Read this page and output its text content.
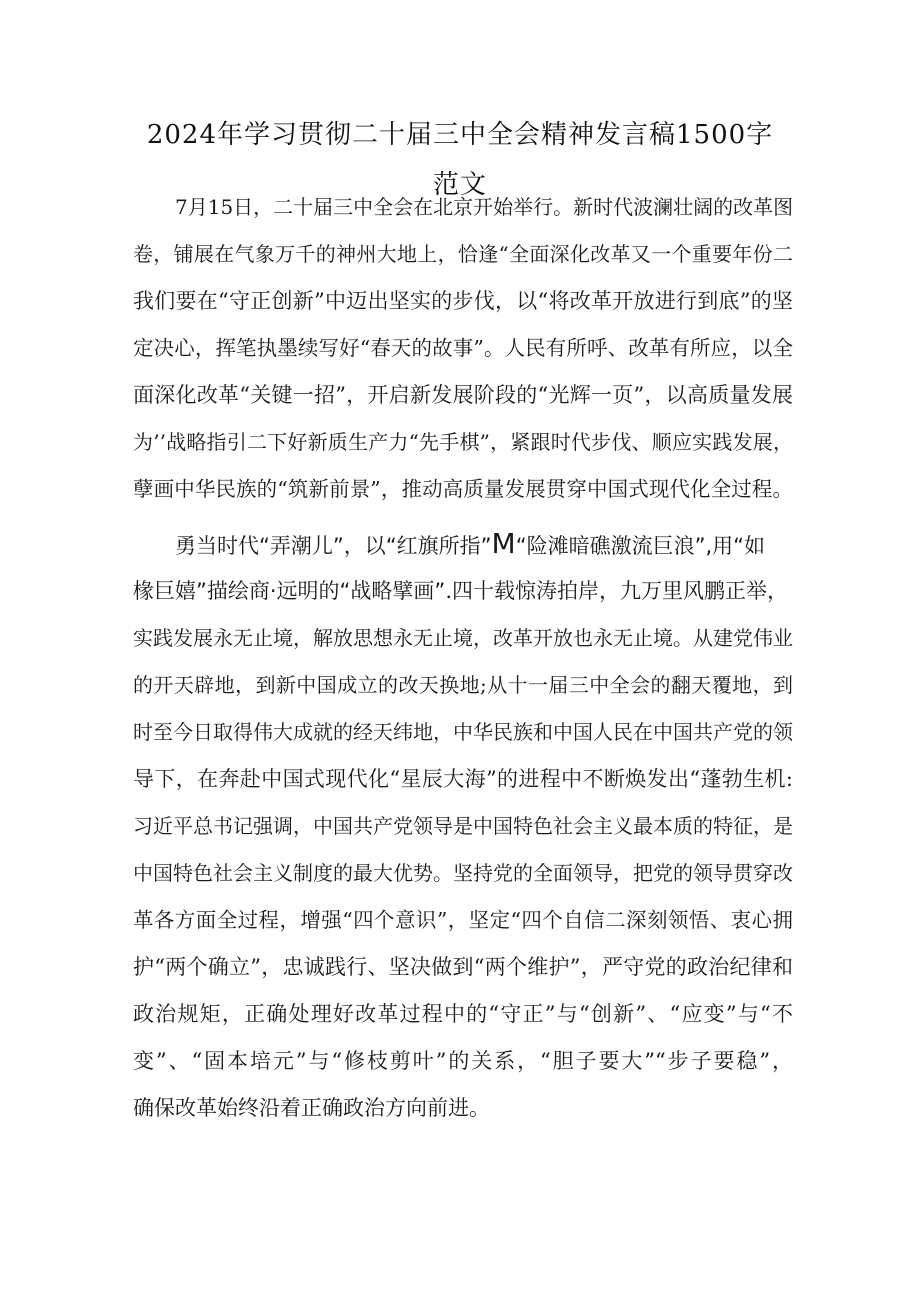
2024年学习贯彻二十届三中全会精神发言稿1500字
范文
7月15日，二十届三中全会在北京开始举行。新时代波澜壮阔的改革图
卷，铺展在气象万千的神州大地上，恰逢“全面深化改革又一个重要年份二
我们要在“守正创新”中迈出坚实的步伐，以“将改革开放进行到底”的坚
定决心，挥笔执墨续写好“春天的故事”。人民有所呼、改革有所应，以全
面深化改革“关键一招”，开启新发展阶段的“光辉一页”，以高质量发展
为’’战略指引二下好新质生产力“先手棋”，紧跟时代步伐、顺应实践发展，
孽画中华民族的“筑新前景”，推动高质量发展贯穿中国式现代化全过程。
勇当时代“弄潮儿”，以“红旗所指”M“险滩暗礁激流巨浪”,用“如
椽巨嬉”描绘商·远明的“战略擘画”.四十载惊涛拍岸，九万里风鹏正举，
实践发展永无止境，解放思想永无止境，改革开放也永无止境。从建党伟业
的开天辟地，到新中国成立的改天换地;从十一届三中全会的翻天覆地，到
时至今日取得伟大成就的经天纬地，中华民族和中国人民在中国共产党的领
导下，在奔赴中国式现代化“星辰大海”的进程中不断焕发出“蓬勃生机:
习近平总书记强调，中国共产党领导是中国特色社会主义最本质的特征，是
中国特色社会主义制度的最大优势。坚持党的全面领导，把党的领导贯穿改
革各方面全过程，增强“四个意识”，坚定“四个自信二深刻领悟、衷心拥
护“两个确立”，忠诚践行、坚决做到“两个维护”，严守党的政治纪律和
政治规矩，正确处理好改革过程中的“守正”与“创新”、“应变”与“不
变”、“固本培元”与“修枝剪叶”的关系，“胆子要大”“步子要稳”，
确保改革始终沿着正确政治方向前进。
